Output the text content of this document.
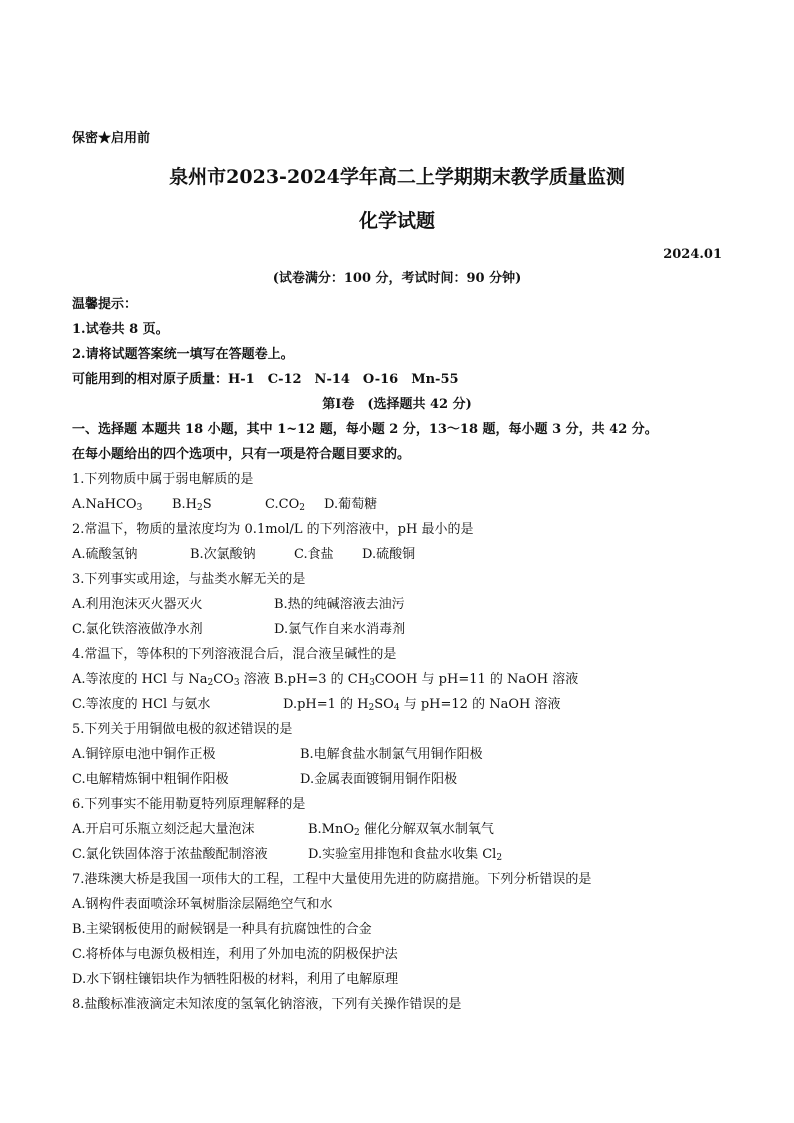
保密★启用前
泉州市2023-2024学年高二上学期期末教学质量监测
化学试题
2024.01
(试卷满分：100 分，考试时间：90 分钟)
温馨提示：
1.试卷共 8 页。
2.请将试题答案统一填写在答题卷上。
可能用到的相对原子质量：H-1　C-12　N-14　O-16　Mn-55
第Ⅰ卷　(选择题共 42 分)
一、选择题 本题共 18 小题，其中 1~12 题，每小题 2 分，13～18 题，每小题 3 分，共 42 分。
在每小题给出的四个选项中，只有一项是符合题目要求的。
1.下列物质中属于弱电解质的是
A.NaHCO$_3$ $B.H_2S$	$C.CO_2$ D.葡萄糖
2.常温下，物质的量浓度均为 0.1mol/L 的下列溶液中，pH 最小的是
A.硫酸氢钠	B.次氯酸钠	C.食盐 D.硫酸铜
3.下列事实或用途，与盐类水解无关的是
A.利用泡沫灭火器灭火	B.热的纯碱溶液去油污
C.氯化铁溶液做净水剂	D.氯气作自来水消毒剂
4.常温下，等体积的下列溶液混合后，混合液呈碱性的是
A.等浓度的 HCl 与 $Na_2CO_3$ 溶液 B.pH=3 的 $CH_3COOH$ 与 pH=11 的 NaOH 溶液
C.等浓度的 HCl 与氨水	D.pH=1 的 $H_2SO_4$ 与 pH=12 的 NaOH 溶液
5.下列关于用铜做电极的叙述错误的是
A.铜锌原电池中铜作正极	B.电解食盐水制氯气用铜作阳极
C.电解精炼铜中粗铜作阳极	D.金属表面镀铜用铜作阳极
6.下列事实不能用勒夏特列原理解释的是
A.开启可乐瓶立刻泛起大量泡沫	B.MnO$_2$ 催化分解双氧水制氧气
C.氯化铁固体溶于浓盐酸配制溶液	D.实验室用排饱和食盐水收集 $Cl_2$
7.港珠澳大桥是我国一项伟大的工程，工程中大量使用先进的防腐措施。下列分析错误的是
A.钢构件表面喷涂环氧树脂涂层隔绝空气和水
B.主梁钢板使用的耐候钢是一种具有抗腐蚀性的合金
C.将桥体与电源负极相连，利用了外加电流的阴极保护法
D.水下钢柱镶铝块作为牺牲阳极的材料，利用了电解原理
8.盐酸标准液滴定未知浓度的氢氧化钠溶液，下列有关操作错误的是
